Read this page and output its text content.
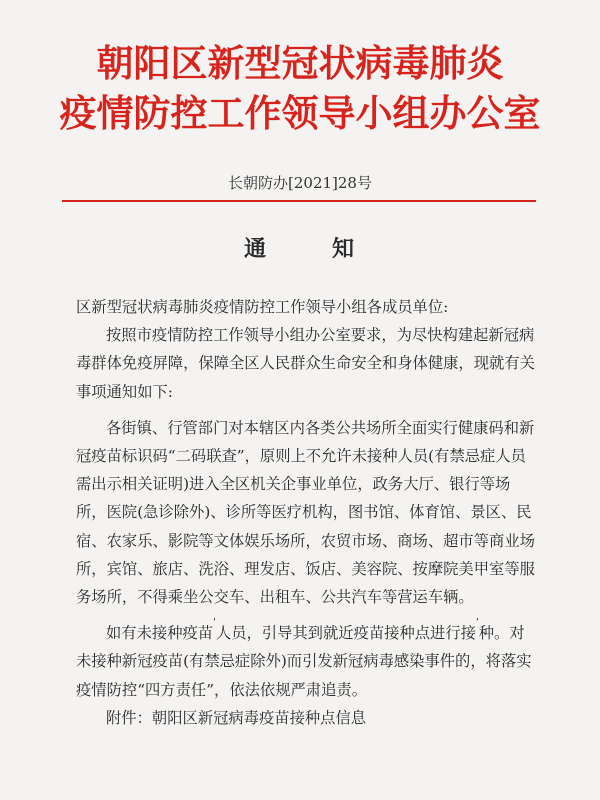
朝阳区新型冠状病毒肺炎
疫情防控工作领导小组办公室
长朝防办[2021]28号
通	知

区新型冠状病毒肺炎疫情防控工作领导小组各成员单位:

按照市疫情防控工作领导小组办公室要求，为尽快构建起新冠病毒群体免疫屏障，保障全区人民群众生命安全和身体健康，现就有关事项通知如下:

各街镇、行管部门对本辖区内各类公共场所全面实行健康码和新冠疫苗标识码“二码联查”，原则上不允许未接种人员(有禁忌症人员需出示相关证明)进入全区机关企事业单位，政务大厅、银行等场所，医院(急诊除外)、诊所等医疗机构，图书馆、体育馆、景区、民宿、农家乐、影院等文体娱乐场所，农贸市场、商场、超市等商业场所，宾馆、旅店、洗浴、理发店、饭店、美容院、按摩院美甲室等服务场所，不得乘坐公交车、出租车、公共汽车等营运车辆。

如有未接种疫苗$^ʹ$人员，引导其到就近疫苗接种点进行接$^ʹ$种。对未接种新冠疫苗(有禁忌症除外)而引发新冠病毒感染事件的，将落实疫情防控“四方责任”，依法依规严肃追责。

附件：朝阳区新冠病毒疫苗接种点信息
